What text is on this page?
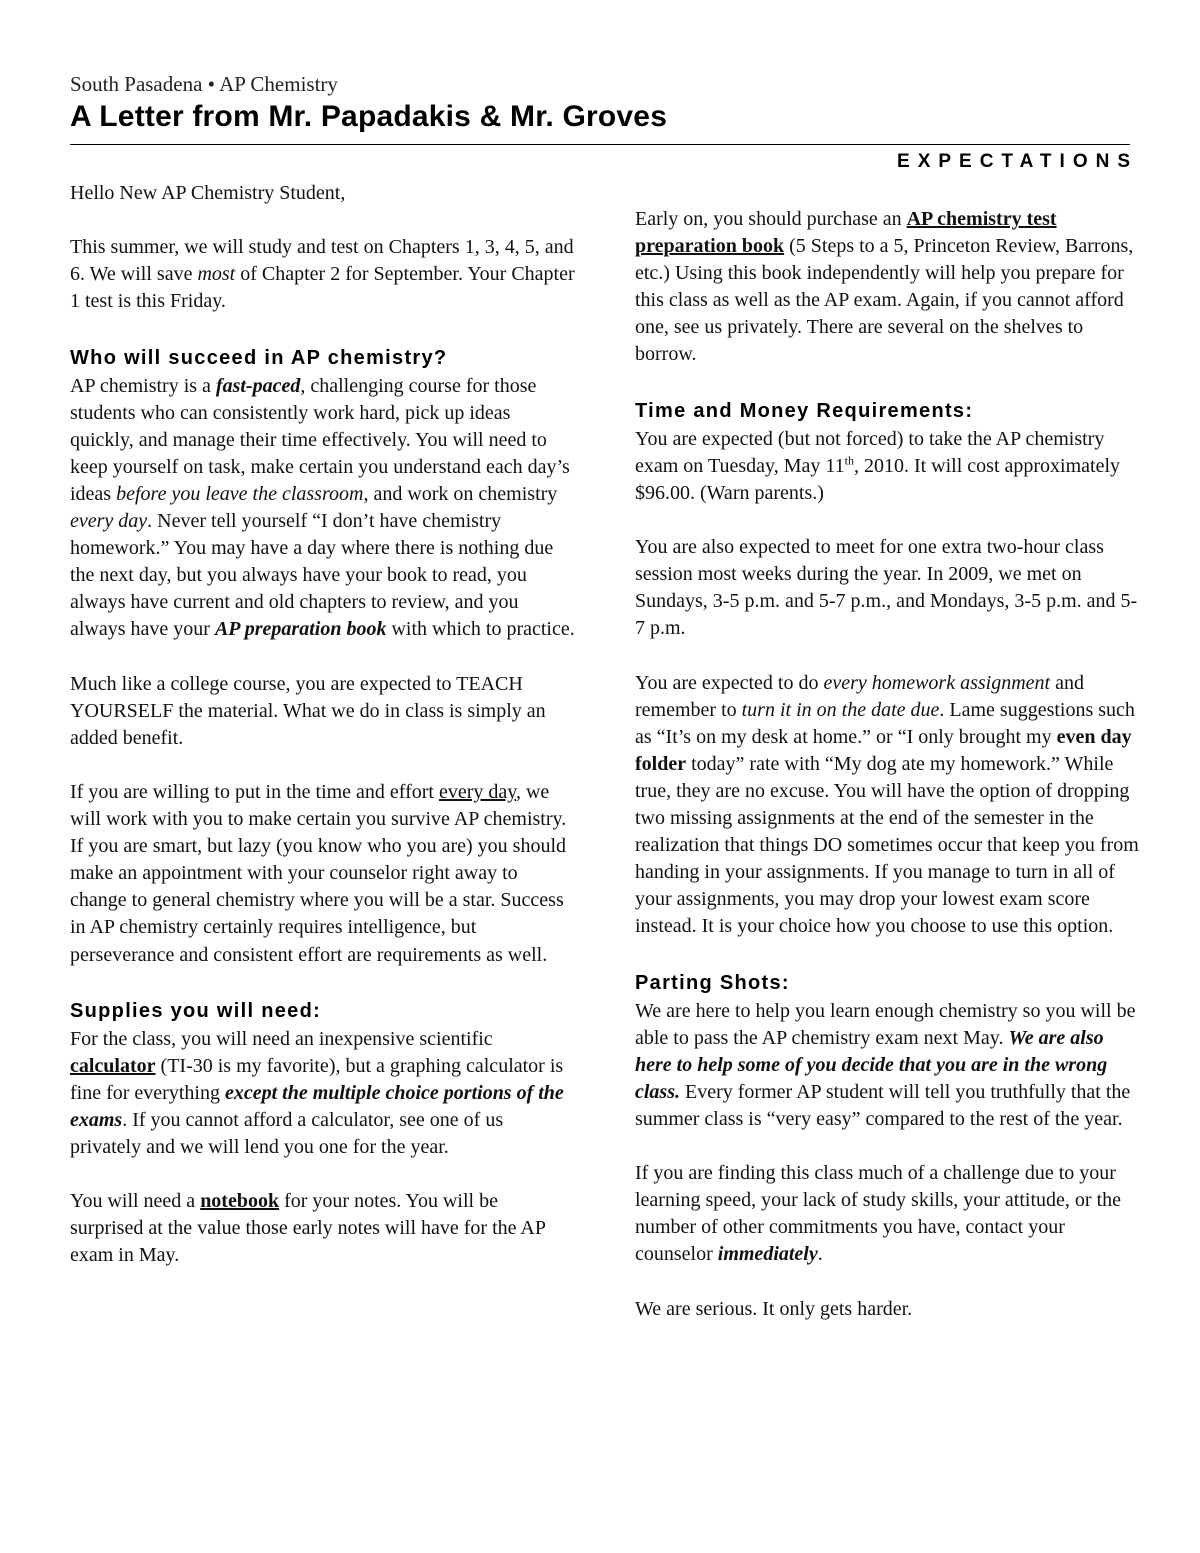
South Pasadena • AP Chemistry
A Letter from Mr. Papadakis & Mr. Groves
EXPECTATIONS

Hello New AP Chemistry Student,

This summer, we will study and test on Chapters 1, 3, 4, 5, and 6. We will save most of Chapter 2 for September. Your Chapter 1 test is this Friday.

Who will succeed in AP chemistry?

AP chemistry is a fast-paced, challenging course for those students who can consistently work hard, pick up ideas quickly, and manage their time effectively. You will need to keep yourself on task, make certain you understand each day’s ideas before you leave the classroom, and work on chemistry every day. Never tell yourself “I don’t have chemistry homework.” You may have a day where there is nothing due the next day, but you always have your book to read, you always have current and old chapters to review, and you always have your AP preparation book with which to practice.

Much like a college course, you are expected to TEACH YOURSELF the material. What we do in class is simply an added benefit.

If you are willing to put in the time and effort every day, we will work with you to make certain you survive AP chemistry. If you are smart, but lazy (you know who you are) you should make an appointment with your counselor right away to change to general chemistry where you will be a star. Success in AP chemistry certainly requires intelligence, but perseverance and consistent effort are requirements as well.

Supplies you will need:

For the class, you will need an inexpensive scientific calculator (TI-30 is my favorite), but a graphing calculator is fine for everything except the multiple choice portions of the exams. If you cannot afford a calculator, see one of us privately and we will lend you one for the year.

You will need a notebook for your notes. You will be surprised at the value those early notes will have for the AP exam in May.

Early on, you should purchase an AP chemistry test preparation book (5 Steps to a 5, Princeton Review, Barrons, etc.) Using this book independently will help you prepare for this class as well as the AP exam. Again, if you cannot afford one, see us privately. There are several on the shelves to borrow.

Time and Money Requirements:

You are expected (but not forced) to take the AP chemistry exam on Tuesday, May 11th, 2010. It will cost approximately $96.00. (Warn parents.)

You are also expected to meet for one extra two-hour class session most weeks during the year. In 2009, we met on Sundays, 3-5 p.m. and 5-7 p.m., and Mondays, 3-5 p.m. and 5-7 p.m.

You are expected to do every homework assignment and remember to turn it in on the date due. Lame suggestions such as “It’s on my desk at home.” or “I only brought my even day folder today” rate with “My dog ate my homework.” While true, they are no excuse. You will have the option of dropping two missing assignments at the end of the semester in the realization that things DO sometimes occur that keep you from handing in your assignments. If you manage to turn in all of your assignments, you may drop your lowest exam score instead. It is your choice how you choose to use this option.

Parting Shots:

We are here to help you learn enough chemistry so you will be able to pass the AP chemistry exam next May. We are also here to help some of you decide that you are in the wrong class. Every former AP student will tell you truthfully that the summer class is “very easy” compared to the rest of the year.

If you are finding this class much of a challenge due to your learning speed, your lack of study skills, your attitude, or the number of other commitments you have, contact your counselor immediately.

We are serious. It only gets harder.
